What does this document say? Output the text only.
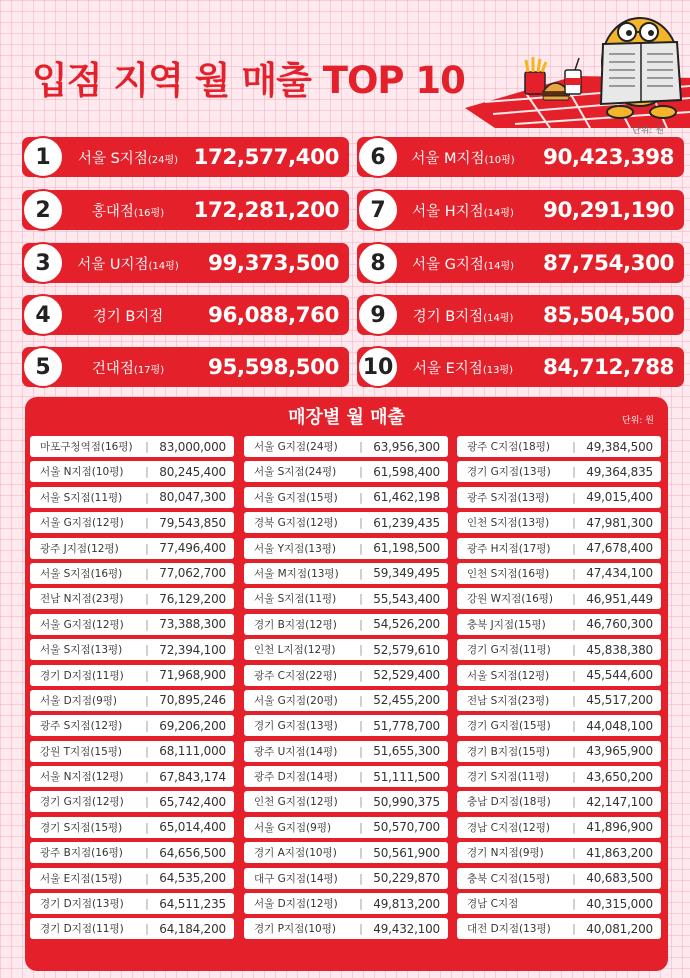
입점 지역 월 매출 TOP 10
단위: 원
1	서울 S지점(24평) 172,577,400
2	홍대점(16평)	172,281,200
3	서울 U지점(14평)	99,373,500
4	경기 B지점	96,088,760
5	건대점(17평)	95,598,500
6	서울 M지점(10평)	90,423,398
7	서울 H지점(14평)	90,291,190
8	서울 G지점(14평)	87,754,300
9	경기 B지점(14평)	85,504,500
10	서울 E지점(13평)	84,712,788
매장별 월 매출	단위: 원
마포구청역점(16평)	| 83,000,000
서울 N지점(10평)	| 80,245,400
서울 S지점(11평)	| 80,047,300
서울 G지점(12평)	| 79,543,850
광주 J지점(12평)	| 77,496,400
서울 S지점(16평)	| 77,062,700
전남 N지점(23평)	| 76,129,200
서울 G지점(12평)	| 73,388,300
서울 S지점(13평)	| 72,394,100
경기 D지점(11평)	| 71,968,900
서울 D지점(9평)	| 70,895,246
광주 S지점(12평)	| 69,206,200
강원 T지점(15평)	| 68,111,000
서울 N지점(12평)	| 67,843,174
경기 G지점(12평)	| 65,742,400
경기 S지점(15평)	| 65,014,400
광주 B지점(16평)	| 64,656,500
서울 E지점(15평)	| 64,535,200
경기 D지점(13평)	| 64,511,235
경기 D지점(11평)	| 64,184,200
서울 G지점(24평)	| 63,956,300
서울 S지점(24평)	| 61,598,400
서울 G지점(15평)	| 61,462,198
경북 G지점(12평)	| 61,239,435
서울 Y지점(13평)	| 61,198,500
서울 M지점(13평)	| 59,349,495
서울 S지점(11평)	| 55,543,400
경기 B지점(12평)	| 54,526,200
인천 L지점(12평)	| 52,579,610
광주 C지점(22평)	| 52,529,400
서울 G지점(20평)	| 52,455,200
경기 G지점(13평)	| 51,778,700
광주 U지점(14평)	| 51,655,300
광주 D지점(14평)	| 51,111,500
인천 G지점(12평)	| 50,990,375
서울 G지점(9평)	| 50,570,700
경기 A지점(10평)	| 50,561,900
대구 G지점(14평)	| 50,229,870
서울 D지점(12평)	| 49,813,200
경기 P지점(10평)	| 49,432,100
광주 C지점(18평)	| 49,384,500
경기 G지점(13평)	| 49,364,835
광주 S지점(13평)	| 49,015,400
인천 S지점(13평)	| 47,981,300
광주 H지점(17평)	| 47,678,400
인천 S지점(16평)	| 47,434,100
강원 W지점(16평)	| 46,951,449
충북 J지점(15평)	| 46,760,300
경기 G지점(11평)	| 45,838,380
서울 S지점(12평)	| 45,544,600
전남 S지점(23평)	| 45,517,200
경기 G지점(15평)	| 44,048,100
경기 B지점(15평)	| 43,965,900
경기 S지점(11평)	| 43,650,200
충남 D지점(18평)	| 42,147,100
경남 C지점(12평)	| 41,896,900
경기 N지점(9평)	| 41,863,200
충북 C지점(15평)	| 40,683,500
경남 C지점	| 40,315,000
대전 D지점(13평)	| 40,081,200
